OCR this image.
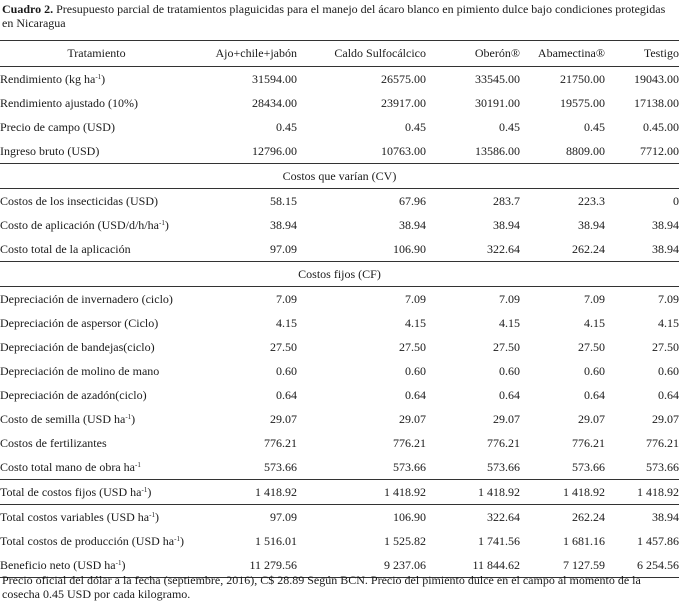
Cuadro 2. Presupuesto parcial de tratamientos plaguicidas para el manejo del ácaro blanco en pimiento dulce bajo condiciones protegidas en Nicaragua

Tratamiento	Ajo+chile+jabón	Caldo Sulfocálcico	Oberón®	Abamectina®	Testigo
Rendimiento (kg $ha^{-1}$)	31594.00	26575.00	33545.00	21750.00	19043.00
Rendimiento ajustado (10%)	28434.00	23917.00	30191.00	19575.00	17138.00
Precio de campo (USD)	0.45	0.45	0.45	0.45	0.45.00
Ingreso bruto (USD)	12796.00	10763.00	13586.00	8809.00	7712.00
Costos que varían (CV)					
Costos de los insecticidas (USD)	58.15	67.96	283.7	223.3	0
Costo de aplicación $(USD/d/h/ha^{-1})$	38.94	38.94	38.94	38.94	38.94
Costo total de la aplicación	97.09	106.90	322.64	262.24	38.94
Costos fijos (CF)					
Depreciación de invernadero (ciclo)	7.09	7.09	7.09	7.09	7.09
Depreciación de aspersor (Ciclo)	4.15	4.15	4.15	4.15	4.15
Depreciación de bandejas(ciclo)	27.50	27.50	27.50	27.50	27.50
Depreciación de molino de mano	0.60	0.60	0.60	0.60	0.60
Depreciación de azadón(ciclo)	0.64	0.64	0.64	0.64	0.64
Costo de semilla (USD $ha^{-1}$)	29.07	29.07	29.07	29.07	29.07
Costos de fertilizantes	776.21	776.21	776.21	776.21	776.21
Costo total mano de obra $ha^{-1}$	573.66	573.66	573.66	573.66	573.66
Total de costos fijos (USD $ha^{-1}$)	1 418.92	1 418.92	1 418.92	1 418.92	1 418.92
Total costos variables (USD $ha^{-1}$)	97.09	106.90	322.64	262.24	38.94
Total costos de producción (USD $ha^{-1}$)	1 516.01	1 525.82	1 741.56	1 681.16	1 457.86
Beneficio neto (USD $ha^{-1}$)	11 279.56	9 237.06	11 844.62	7 127.59	6 254.56

Precio oficial del dólar a la fecha (septiembre, 2016), C$ 28.89 Según BCN. Precio del pimiento dulce en el campo al momento de la cosecha 0.45 USD por cada kilogramo.
